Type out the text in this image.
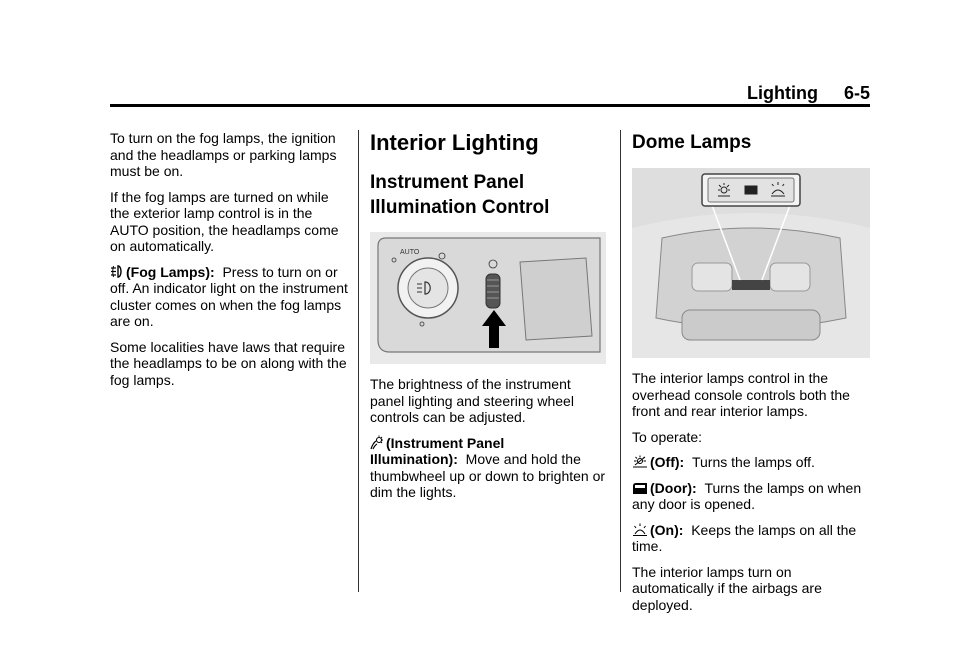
Lighting 6-5

To turn on the fog lamps, the ignition and the headlamps or parking lamps must be on.

If the fog lamps are turned on while the exterior lamp control is in the AUTO position, the headlamps come on automatically.

(Fog Lamps): Press to turn on or off. An indicator light on the instrument cluster comes on when the fog lamps are on.

Some localities have laws that require the headlamps to be on along with the fog lamps.

Interior Lighting
Instrument Panel Illumination Control
AUTO

The brightness of the instrument panel lighting and steering wheel controls can be adjusted.

(Instrument Panel Illumination): Move and hold the thumbwheel up or down to brighten or dim the lights.

Dome Lamps

The interior lamps control in the overhead console controls both the front and rear interior lamps.

To operate:

(Off): Turns the lamps off.

(Door): Turns the lamps on when any door is opened.

(On): Keeps the lamps on all the time.

The interior lamps turn on automatically if the airbags are deployed.
